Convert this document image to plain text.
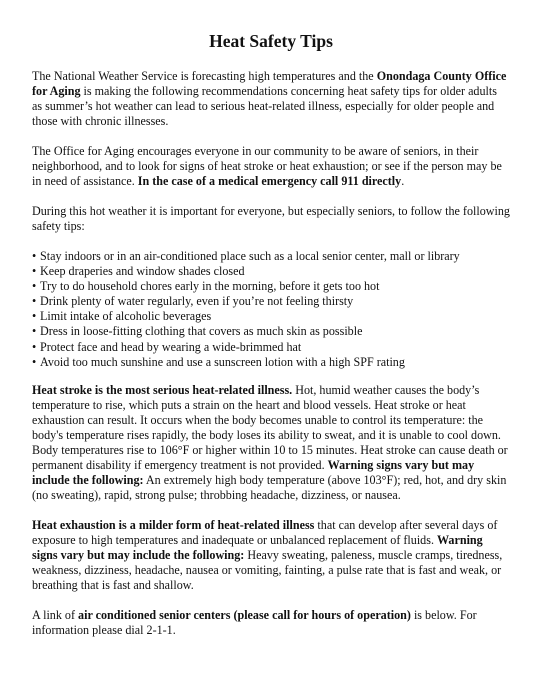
Heat Safety Tips

The National Weather Service is forecasting high temperatures and the Onondaga County Office for Aging is making the following recommendations concerning heat safety tips for older adults as summer’s hot weather can lead to serious heat-related illness, especially for older people and those with chronic illnesses.

The Office for Aging encourages everyone in our community to be aware of seniors, in their neighborhood, and to look for signs of heat stroke or heat exhaustion; or see if the person may be in need of assistance. In the case of a medical emergency call 911 directly.

During this hot weather it is important for everyone, but especially seniors, to follow the following safety tips:

• Stay indoors or in an air-conditioned place such as a local senior center, mall or library
• Keep draperies and window shades closed
• Try to do household chores early in the morning, before it gets too hot
• Drink plenty of water regularly, even if you’re not feeling thirsty
• Limit intake of alcoholic beverages
• Dress in loose-fitting clothing that covers as much skin as possible
• Protect face and head by wearing a wide-brimmed hat
• Avoid too much sunshine and use a sunscreen lotion with a high SPF rating

Heat stroke is the most serious heat-related illness. Hot, humid weather causes the body’s temperature to rise, which puts a strain on the heart and blood vessels. Heat stroke or heat exhaustion can result. It occurs when the body becomes unable to control its temperature: the body's temperature rises rapidly, the body loses its ability to sweat, and it is unable to cool down. Body temperatures rise to 106°F or higher within 10 to 15 minutes. Heat stroke can cause death or permanent disability if emergency treatment is not provided. Warning signs vary but may include the following: An extremely high body temperature (above 103°F); red, hot, and dry skin (no sweating), rapid, strong pulse; throbbing headache, dizziness, or nausea.

Heat exhaustion is a milder form of heat-related illness that can develop after several days of exposure to high temperatures and inadequate or unbalanced replacement of fluids. Warning signs vary but may include the following: Heavy sweating, paleness, muscle cramps, tiredness, weakness, dizziness, headache, nausea or vomiting, fainting, a pulse rate that is fast and weak, or breathing that is fast and shallow.

A link of air conditioned senior centers (please call for hours of operation) is below. For information please dial 2-1-1.
